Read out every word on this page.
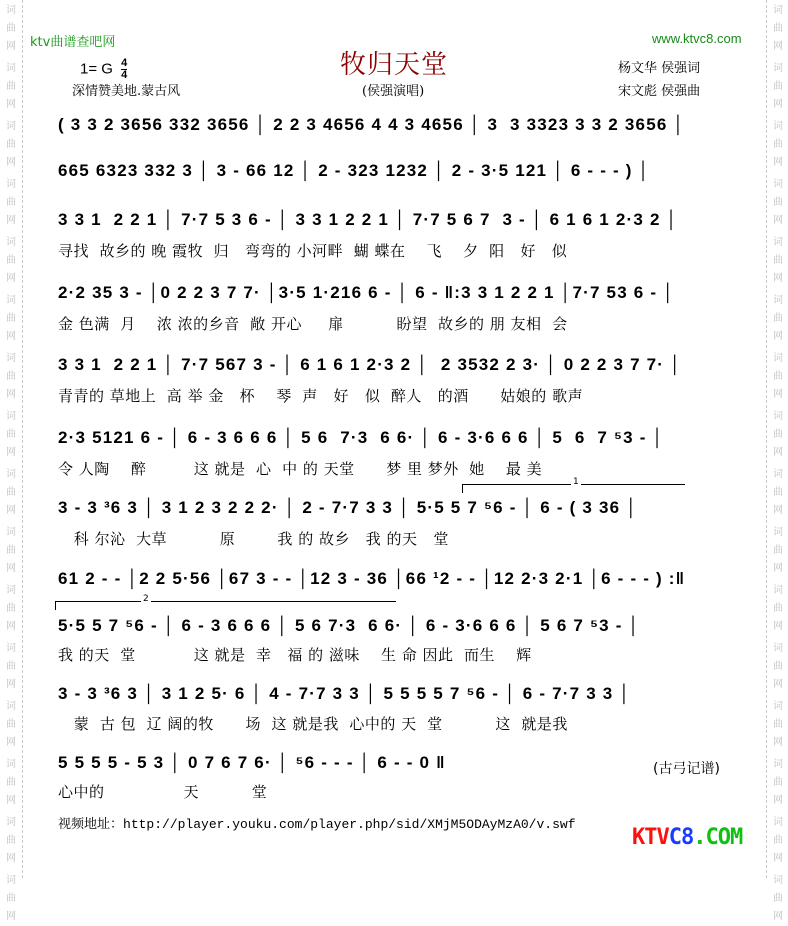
词
曲
网
词
曲
网
词
曲
网
词
曲
网
词
曲
网
词
曲
网
词
曲
网
词
曲
网
词
曲
网
词
曲
网
词
曲
网
词
曲
网
词
曲
网
词
曲
网
词
曲
网
词
曲
网
词
曲
网
词
曲
网
词
曲
网
词
曲
网
词
曲
网
词
曲
网
词
曲
网
词
曲
网
词
曲
网
词
曲
网
词
曲
网
词
曲
网
词
曲
网
词
曲
网
词
曲
网
词
曲
网
ktv曲谱查吧网	www.ktvc8.com
牧归天堂
1= G $\frac{4}{4}$
深情赞美地.蒙古风	(侯强演唱)
杨文华 侯强词
宋文彪 侯强曲
( 3 3 2 3656 332 3656 │ 2 2 3 4656 4 4 3 4656 │ 3  3 3323 3 3 2 3656 │
665 6323 332 3 │ 3 - 66 12 │ 2 - 323 1232 │ 2 - 3·5 121 │ 6 - - - ) │
3 3 1  2 2 1 │ 7·7 5 3 6 - │ 3 3 1 2 2 1 │ 7·7 5 6 7  3 - │ 6 1 6 1 2·3 2 │
寻找  故乡的 晚 霞牧  归   弯弯的 小河畔  蝴 蝶在    飞    夕  阳   好   似
2·2 35 3 - │0 2 2 3 7 7· │3·5 1·216 6 - │ 6 - ‖:3 3 1 2 2 1 │7·7 53 6 - │
金 色满  月    浓 浓的乡音  敞 开心     扉          盼望  故乡的 朋 友相  会
3 3 1  2 2 1 │ 7·7 567 3 - │ 6 1 6 1 2·3 2 │  2 3532 2 3· │ 0 2 2 3 7 7· │
青青的 草地上  高 举 金   杯    琴  声   好   似  醉人   的酒      姑娘的 歌声
2·3 5121 6 - │ 6 - 3 6 6 6 │ 5 6  7·3  6 6· │ 6 - 3·6 6 6 │ 5  6  7 ⁵3 - │
令 人陶    醉         这 就是  心  中 的 天堂      梦 里 梦外  她    最 美
1
3 - 3 ³6 3 │ 3 1 2 3 2 2 2· │ 2 - 7·7 3 3 │ 5·5 5 7 ⁵6 - │ 6 - ( 3 36 │
科 尔沁  大草          原        我 的 故乡   我 的天   堂
61 2 - - │2 2 5·56 │67 3 - - │12 3 - 36 │66 ¹2 - - │12 2·3 2·1 │6 - - - ) :‖
2
5·5 5 7 ⁵6 - │ 6 - 3 6 6 6 │ 5 6 7·3  6 6· │ 6 - 3·6 6 6 │ 5 6 7 ⁵3 - │
我 的天  堂           这 就是  幸   福 的 滋味    生 命 因此  而生    辉
3 - 3 ³6 3 │ 3 1 2 5· 6 │ 4 - 7·7 3 3 │ 5 5 5 5 7 ⁵6 - │ 6 - 7·7 3 3 │
蒙  古 包  辽 阔的牧      场  这 就是我  心中的 天  堂          这  就是我
5 5 5 5 - 5 3 │ 0 7 6 7 6· │ ⁵6 - - - │ 6 - - 0 ‖
心中的               天          堂
(古弓记谱)
视频地址：http://player.youku.com/player.php/sid/XMjM5ODAyMzA0/v.swf
KTVC8.COM
